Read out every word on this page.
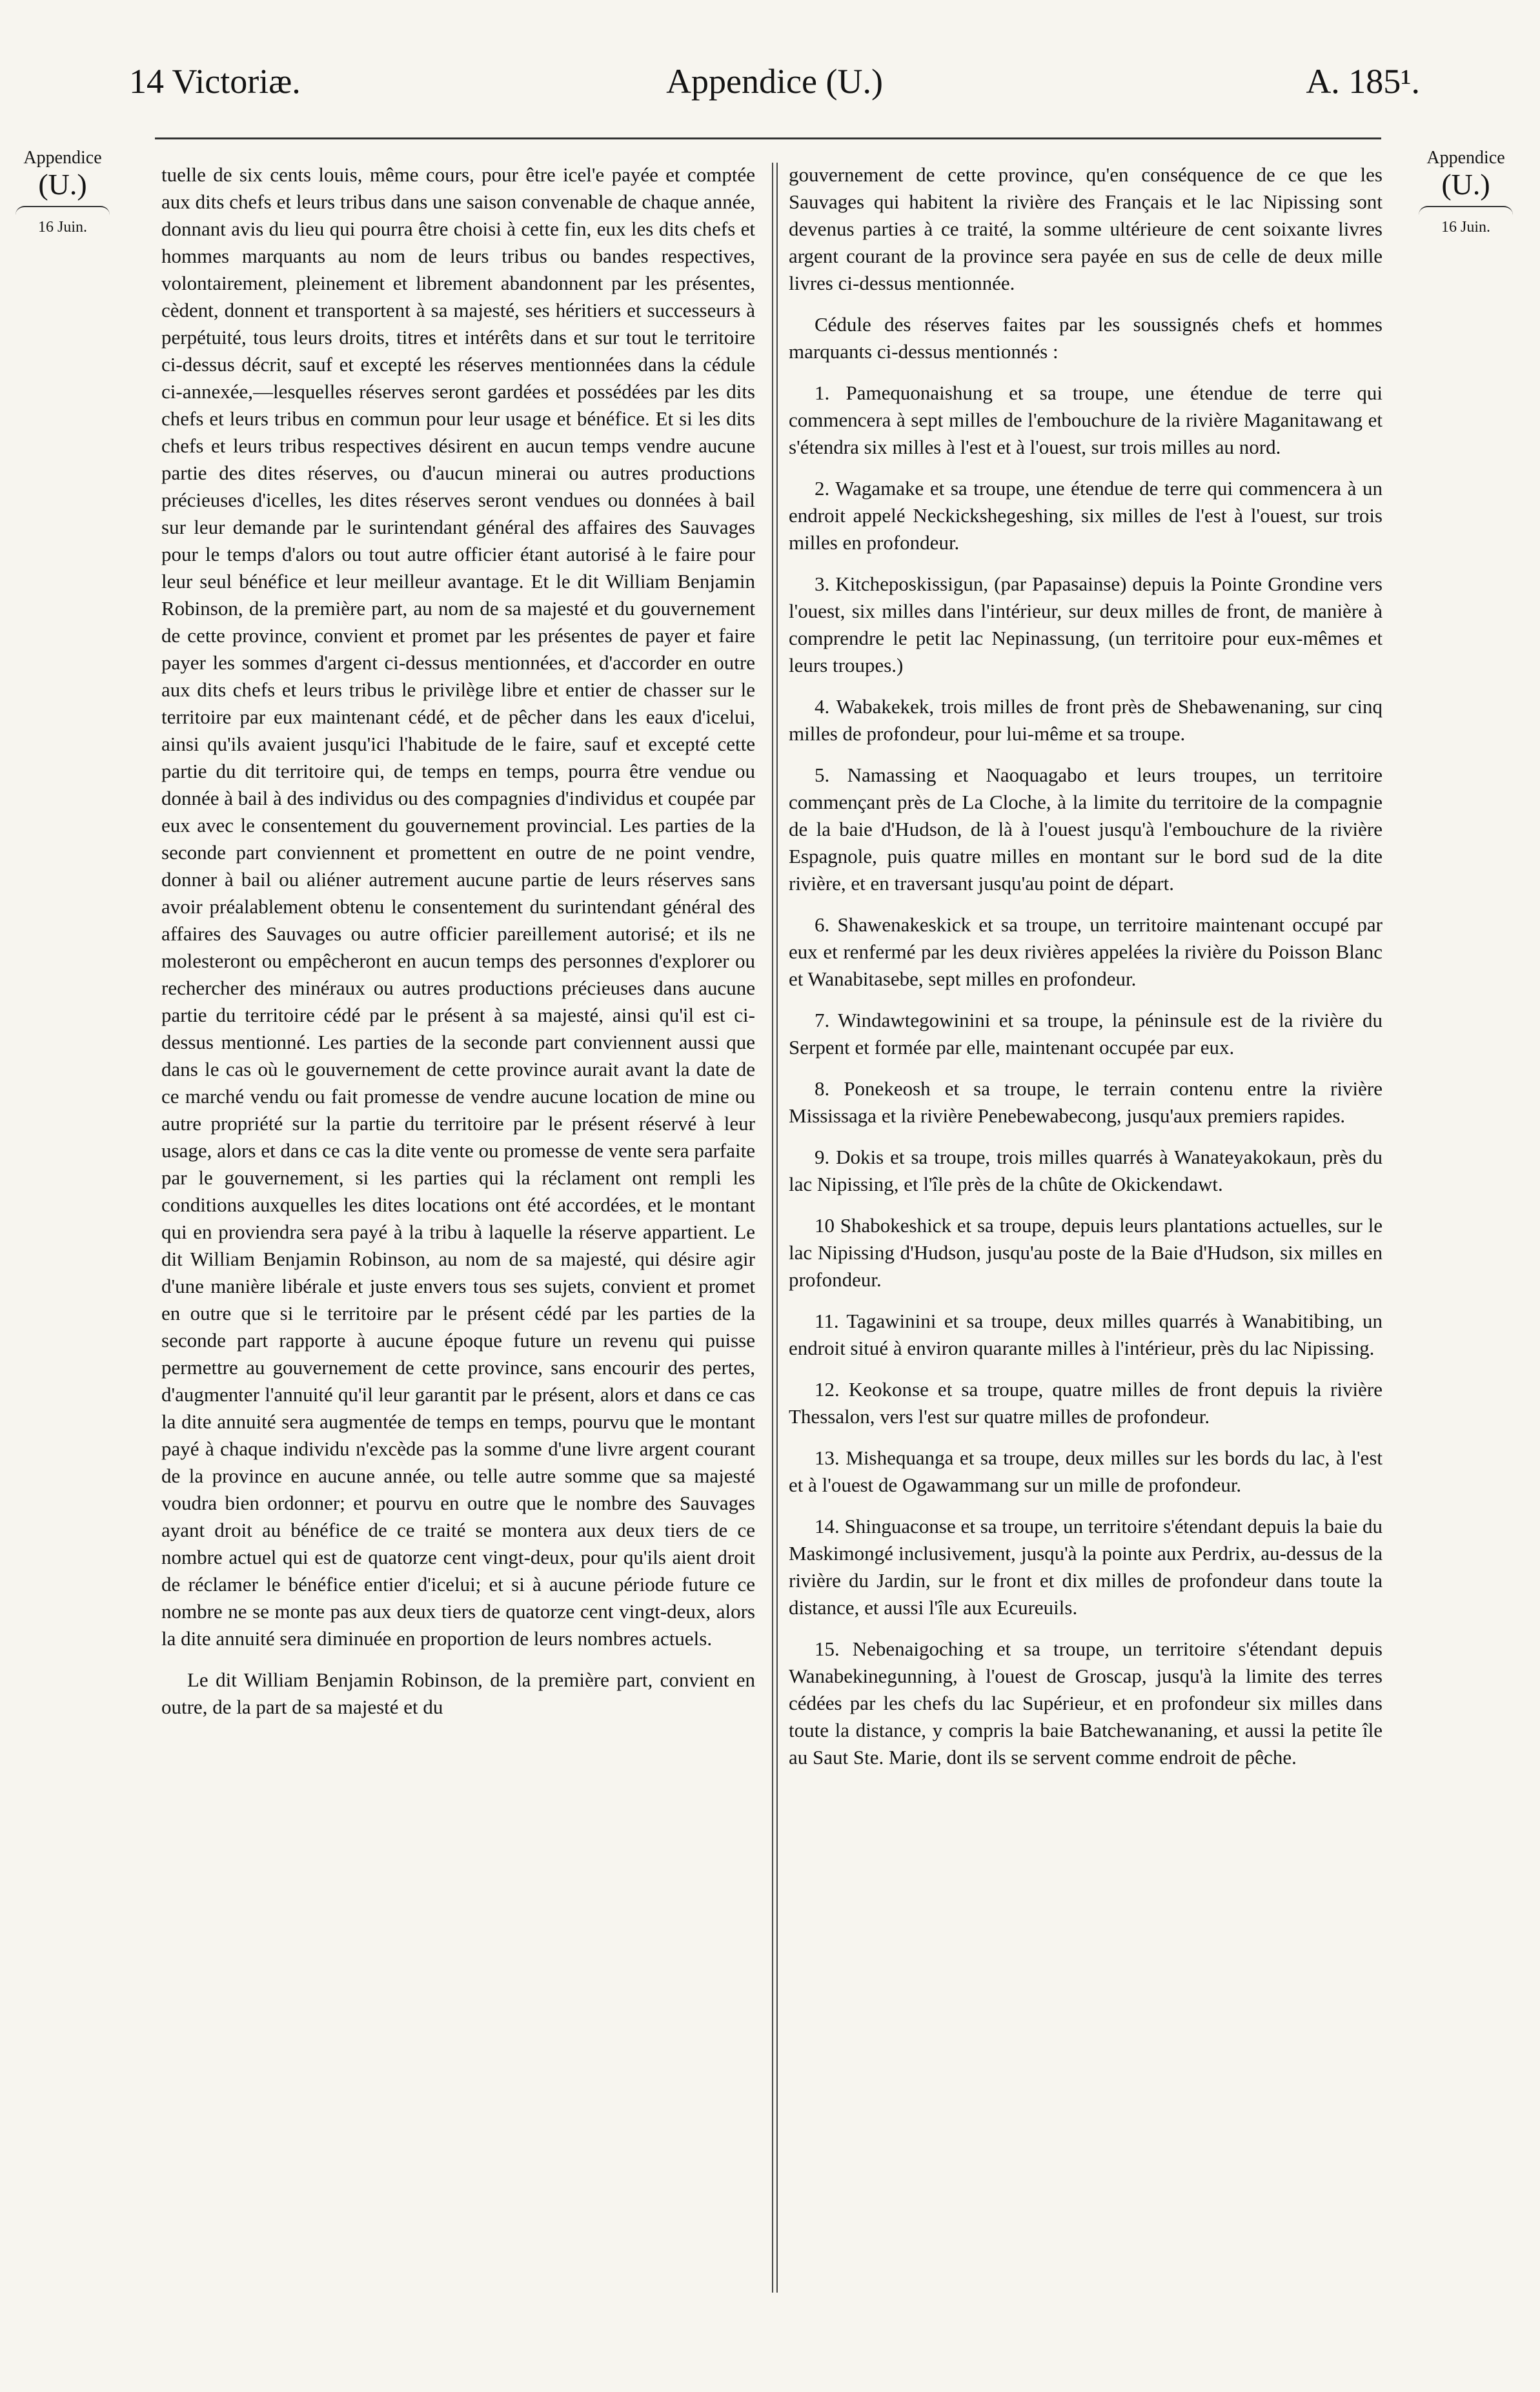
14 Victoriæ.	Appendice (U.)	A. 185¹.
Appendice
(U.)
16 Juin.
Appendice
(U.)
16 Juin.

tuelle de six cents louis, même cours, pour être icel'e payée et comptée aux dits chefs et leurs tribus dans une saison convenable de chaque année, donnant avis du lieu qui pourra être choisi à cette fin, eux les dits chefs et hommes marquants au nom de leurs tribus ou bandes respectives, volontairement, pleinement et librement abandonnent par les présentes, cèdent, donnent et transportent à sa majesté, ses héritiers et successeurs à perpétuité, tous leurs droits, titres et intérêts dans et sur tout le territoire ci-dessus décrit, sauf et excepté les réserves mentionnées dans la cédule ci-annexée,—lesquelles réserves seront gardées et possédées par les dits chefs et leurs tribus en commun pour leur usage et bénéfice. Et si les dits chefs et leurs tribus respectives désirent en aucun temps vendre aucune partie des dites réserves, ou d'aucun minerai ou autres productions précieuses d'icelles, les dites réserves seront vendues ou données à bail sur leur demande par le surintendant général des affaires des Sauvages pour le temps d'alors ou tout autre officier étant autorisé à le faire pour leur seul bénéfice et leur meilleur avantage. Et le dit William Benjamin Robinson, de la première part, au nom de sa majesté et du gouvernement de cette province, convient et promet par les présentes de payer et faire payer les sommes d'argent ci-dessus mentionnées, et d'accorder en outre aux dits chefs et leurs tribus le privilège libre et entier de chasser sur le territoire par eux maintenant cédé, et de pêcher dans les eaux d'icelui, ainsi qu'ils avaient jusqu'ici l'habitude de le faire, sauf et excepté cette partie du dit territoire qui, de temps en temps, pourra être vendue ou donnée à bail à des individus ou des compagnies d'individus et coupée par eux avec le consentement du gouvernement provincial. Les parties de la seconde part conviennent et promettent en outre de ne point vendre, donner à bail ou aliéner autrement aucune partie de leurs réserves sans avoir préalablement obtenu le consentement du surintendant général des affaires des Sauvages ou autre officier pareillement autorisé; et ils ne molesteront ou empêcheront en aucun temps des personnes d'explorer ou rechercher des minéraux ou autres productions précieuses dans aucune partie du territoire cédé par le présent à sa majesté, ainsi qu'il est ci-dessus mentionné. Les parties de la seconde part conviennent aussi que dans le cas où le gouvernement de cette province aurait avant la date de ce marché vendu ou fait promesse de vendre aucune location de mine ou autre propriété sur la partie du territoire par le présent réservé à leur usage, alors et dans ce cas la dite vente ou promesse de vente sera parfaite par le gouvernement, si les parties qui la réclament ont rempli les conditions auxquelles les dites locations ont été accordées, et le montant qui en proviendra sera payé à la tribu à laquelle la réserve appartient. Le dit William Benjamin Robinson, au nom de sa majesté, qui désire agir d'une manière libérale et juste envers tous ses sujets, convient et promet en outre que si le territoire par le présent cédé par les parties de la seconde part rapporte à aucune époque future un revenu qui puisse permettre au gouvernement de cette province, sans encourir des pertes, d'augmenter l'annuité qu'il leur garantit par le présent, alors et dans ce cas la dite annuité sera augmentée de temps en temps, pourvu que le montant payé à chaque individu n'excède pas la somme d'une livre argent courant de la province en aucune année, ou telle autre somme que sa majesté voudra bien ordonner; et pourvu en outre que le nombre des Sauvages ayant droit au bénéfice de ce traité se montera aux deux tiers de ce nombre actuel qui est de quatorze cent vingt-deux, pour qu'ils aient droit de réclamer le bénéfice entier d'icelui; et si à aucune période future ce nombre ne se monte pas aux deux tiers de quatorze cent vingt-deux, alors la dite annuité sera diminuée en proportion de leurs nombres actuels.

Le dit William Benjamin Robinson, de la première part, convient en outre, de la part de sa majesté et du

gouvernement de cette province, qu'en conséquence de ce que les Sauvages qui habitent la rivière des Français et le lac Nipissing sont devenus parties à ce traité, la somme ultérieure de cent soixante livres argent courant de la province sera payée en sus de celle de deux mille livres ci-dessus mentionnée.

Cédule des réserves faites par les soussignés chefs et hommes marquants ci-dessus mentionnés :

1. Pamequonaishung et sa troupe, une étendue de terre qui commencera à sept milles de l'embouchure de la rivière Maganitawang et s'étendra six milles à l'est et à l'ouest, sur trois milles au nord.

2. Wagamake et sa troupe, une étendue de terre qui commencera à un endroit appelé Neckickshegeshing, six milles de l'est à l'ouest, sur trois milles en profondeur.

3. Kitcheposkissigun, (par Papasainse) depuis la Pointe Grondine vers l'ouest, six milles dans l'intérieur, sur deux milles de front, de manière à comprendre le petit lac Nepinassung, (un territoire pour eux-mêmes et leurs troupes.)

4. Wabakekek, trois milles de front près de Shebawenaning, sur cinq milles de profondeur, pour lui-même et sa troupe.

5. Namassing et Naoquagabo et leurs troupes, un territoire commençant près de La Cloche, à la limite du territoire de la compagnie de la baie d'Hudson, de là à l'ouest jusqu'à l'embouchure de la rivière Espagnole, puis quatre milles en montant sur le bord sud de la dite rivière, et en traversant jusqu'au point de départ.

6. Shawenakeskick et sa troupe, un territoire maintenant occupé par eux et renfermé par les deux rivières appelées la rivière du Poisson Blanc et Wanabitasebe, sept milles en profondeur.

7. Windawtegowinini et sa troupe, la péninsule est de la rivière du Serpent et formée par elle, maintenant occupée par eux.

8. Ponekeosh et sa troupe, le terrain contenu entre la rivière Mississaga et la rivière Penebewabecong, jusqu'aux premiers rapides.

9. Dokis et sa troupe, trois milles quarrés à Wanateyakokaun, près du lac Nipissing, et l'île près de la chûte de Okickendawt.

10 Shabokeshick et sa troupe, depuis leurs plantations actuelles, sur le lac Nipissing d'Hudson, jusqu'au poste de la Baie d'Hudson, six milles en profondeur.

11. Tagawinini et sa troupe, deux milles quarrés à Wanabitibing, un endroit situé à environ quarante milles à l'intérieur, près du lac Nipissing.

12. Keokonse et sa troupe, quatre milles de front depuis la rivière Thessalon, vers l'est sur quatre milles de profondeur.

13. Mishequanga et sa troupe, deux milles sur les bords du lac, à l'est et à l'ouest de Ogawammang sur un mille de profondeur.

14. Shinguaconse et sa troupe, un territoire s'étendant depuis la baie du Maskimongé inclusivement, jusqu'à la pointe aux Perdrix, au-dessus de la rivière du Jardin, sur le front et dix milles de profondeur dans toute la distance, et aussi l'île aux Ecureuils.

15. Nebenaigoching et sa troupe, un territoire s'étendant depuis Wanabekinegunning, à l'ouest de Groscap, jusqu'à la limite des terres cédées par les chefs du lac Supérieur, et en profondeur six milles dans toute la distance, y compris la baie Batchewananing, et aussi la petite île au Saut Ste. Marie, dont ils se servent comme endroit de pêche.
